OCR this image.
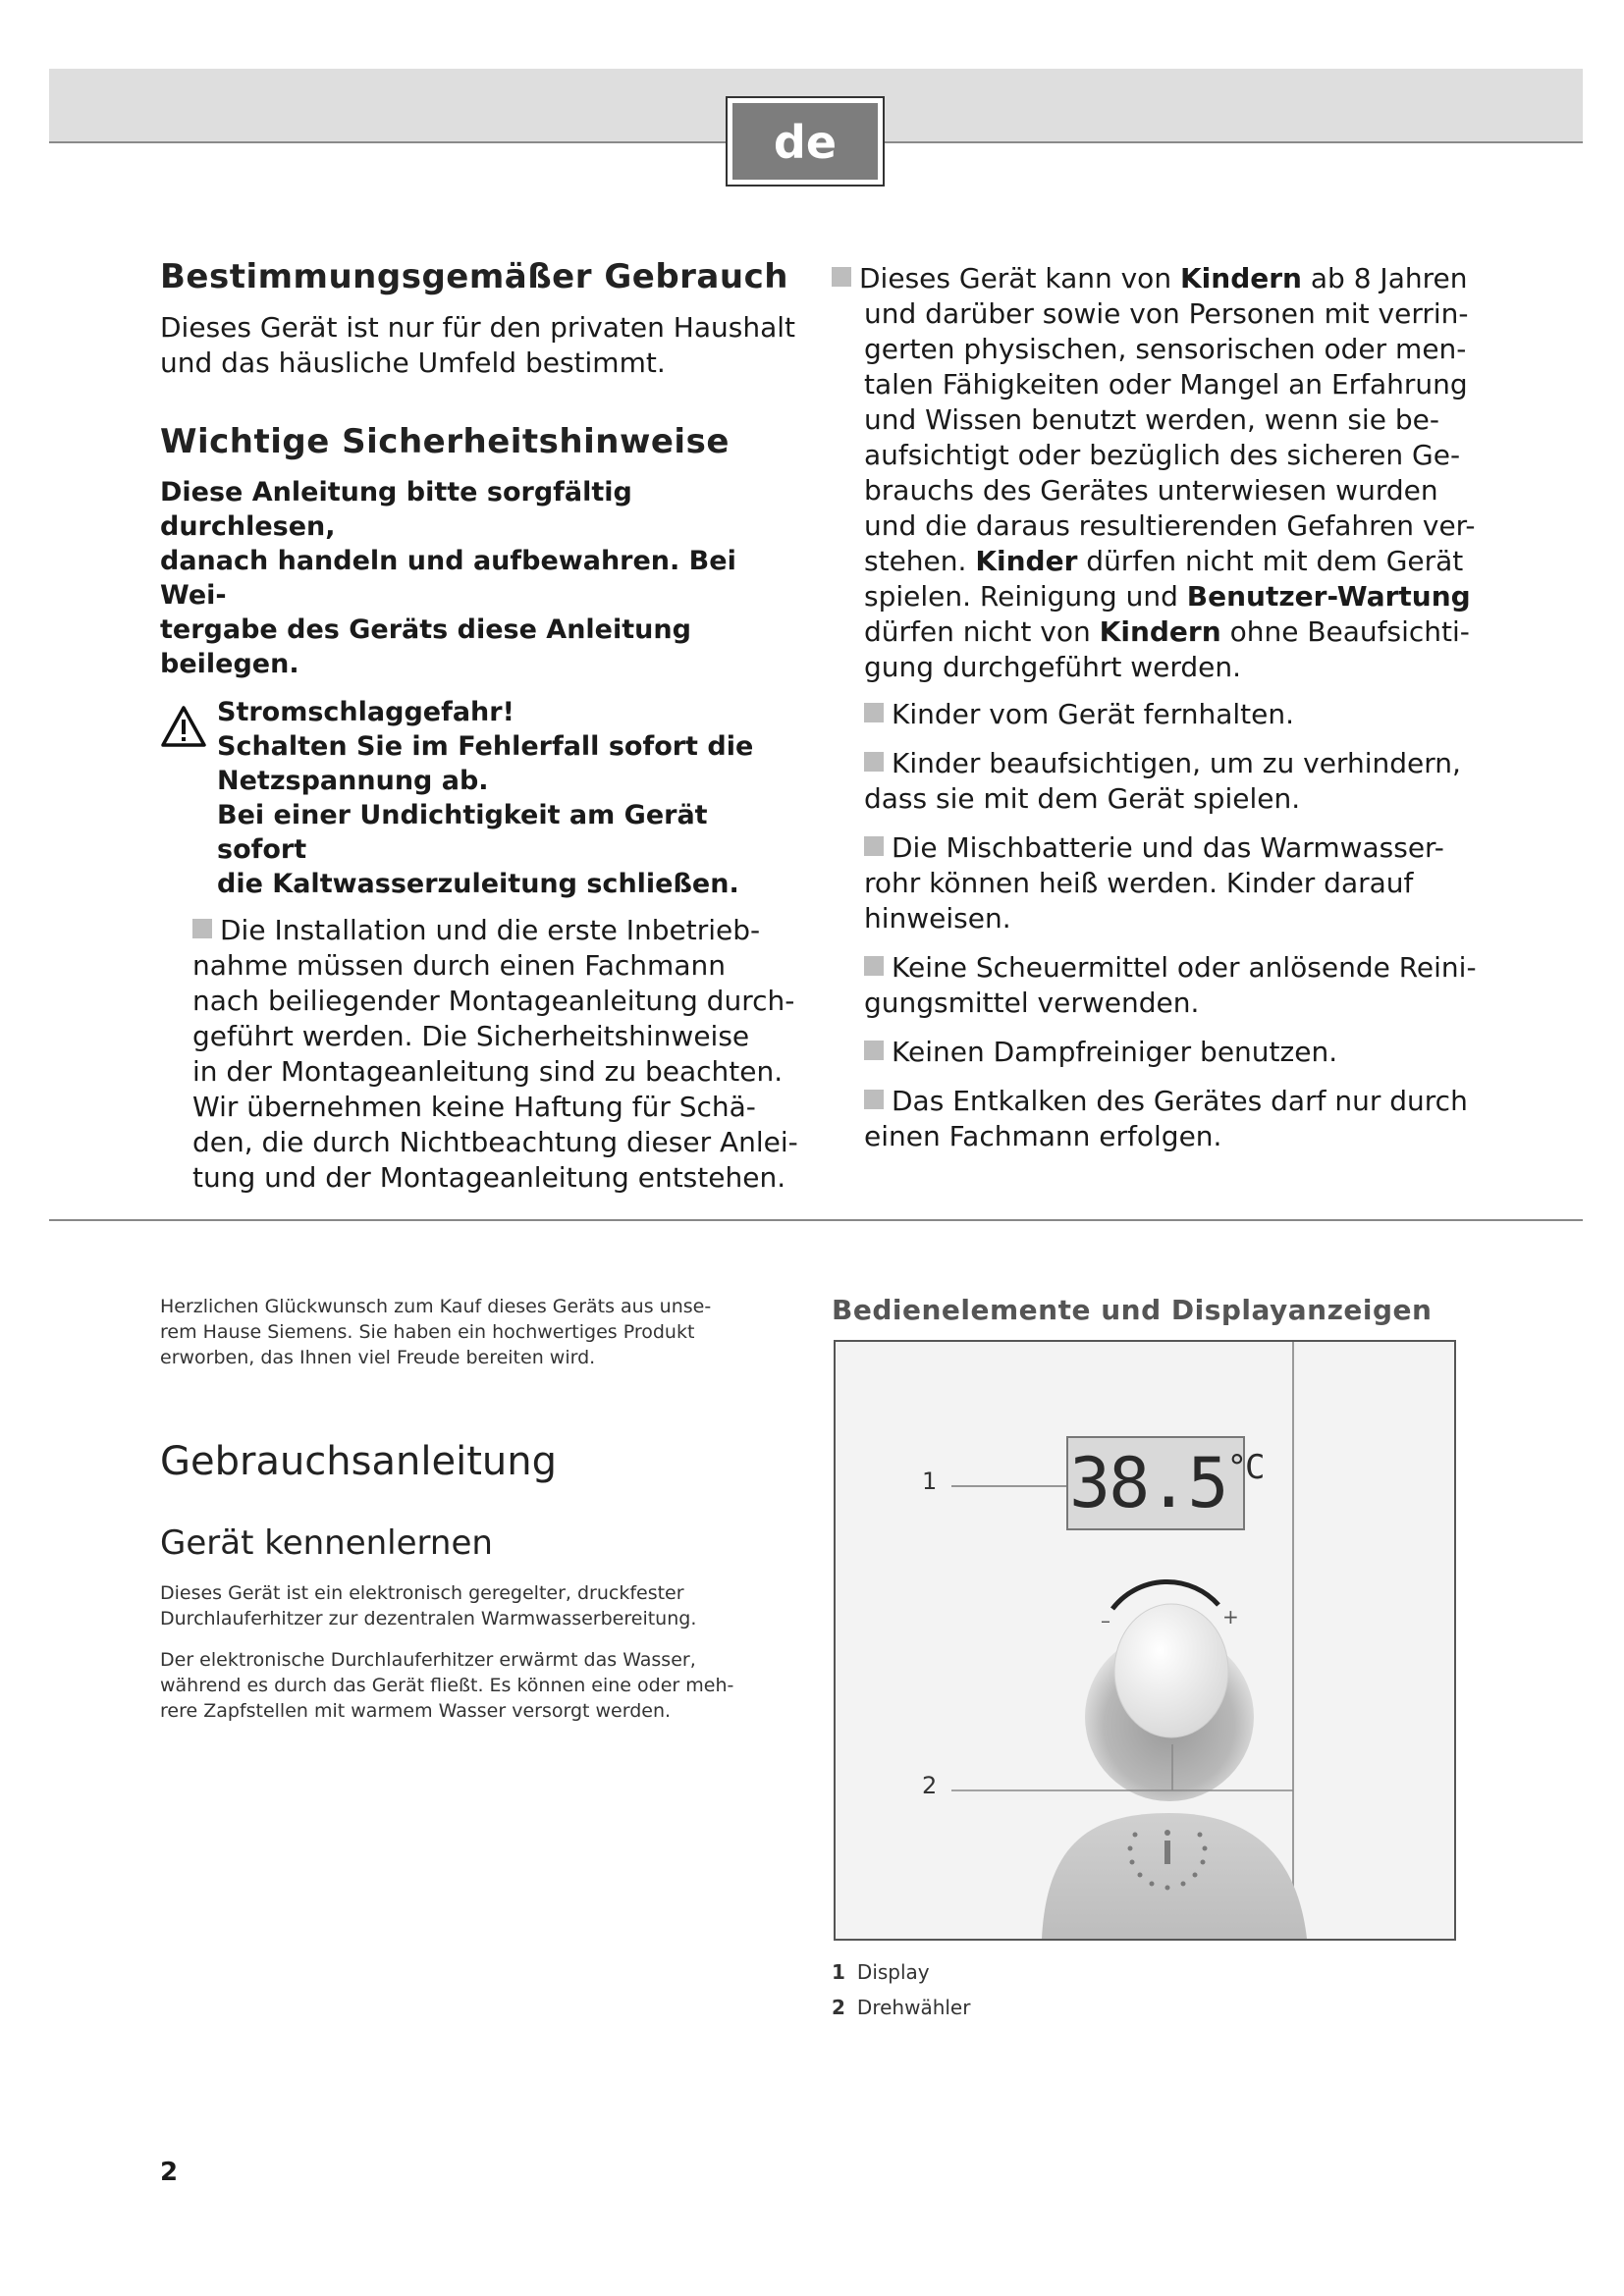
de
Bestimmungsgemäßer Gebrauch

Dieses Gerät ist nur für den privaten Haushalt

und das häusliche Umfeld bestimmt.

Wichtige Sicherheitshinweise

Diese Anleitung bitte sorgfältig durchlesen,

danach handeln und aufbewahren. Bei Wei-

tergabe des Geräts diese Anleitung beilegen.

Stromschlaggefahr!

Schalten Sie im Fehlerfall sofort die

Netzspannung ab.

Bei einer Undichtigkeit am Gerät sofort

die Kaltwasserzuleitung schließen.

Die Installation und die erste Inbetrieb-

nahme müssen durch einen Fachmann

nach beiliegender Montageanleitung durch-

geführt werden. Die Sicherheitshinweise

in der Montageanleitung sind zu beachten.

Wir übernehmen keine Haftung für Schä-

den, die durch Nichtbeachtung dieser Anlei-

tung und der Montageanleitung entstehen.

Dieses Gerät kann von Kindern ab 8 Jahren

und darüber sowie von Personen mit verrin-

gerten physischen, sensorischen oder men-

talen Fähigkeiten oder Mangel an Erfahrung

und Wissen benutzt werden, wenn sie be-

aufsichtigt oder bezüglich des sicheren Ge-

brauchs des Gerätes unterwiesen wurden

und die daraus resultierenden Gefahren ver-

stehen. Kinder dürfen nicht mit dem Gerät

spielen. Reinigung und Benutzer-Wartung

dürfen nicht von Kindern ohne Beaufsichti-

gung durchgeführt werden.

Kinder vom Gerät fernhalten.

Kinder beaufsichtigen, um zu verhindern,

dass sie mit dem Gerät spielen.

Die Mischbatterie und das Warmwasser-

rohr können heiß werden. Kinder darauf

hinweisen.

Keine Scheuermittel oder anlösende Reini-

gungsmittel verwenden.

Keinen Dampfreiniger benutzen.

Das Entkalken des Gerätes darf nur durch

einen Fachmann erfolgen.

Herzlichen Glückwunsch zum Kauf dieses Geräts aus unse-

rem Hause Siemens. Sie haben ein hochwertiges Produkt

erworben, das Ihnen viel Freude bereiten wird.

Gebrauchsanleitung
Gerät kennenlernen

Dieses Gerät ist ein elektronisch geregelter, druckfester

Durchlauferhitzer zur dezentralen Warmwasserbereitung.

Der elektronische Durchlauferhitzer erwärmt das Wasser,

während es durch das Gerät fließt. Es können eine oder meh-

rere Zapfstellen mit warmem Wasser versorgt werden.

Bedienelemente und Displayanzeigen
$38.5^{^\circ C}$
1
2
–	+
1 Display
2 Drehwähler
2
